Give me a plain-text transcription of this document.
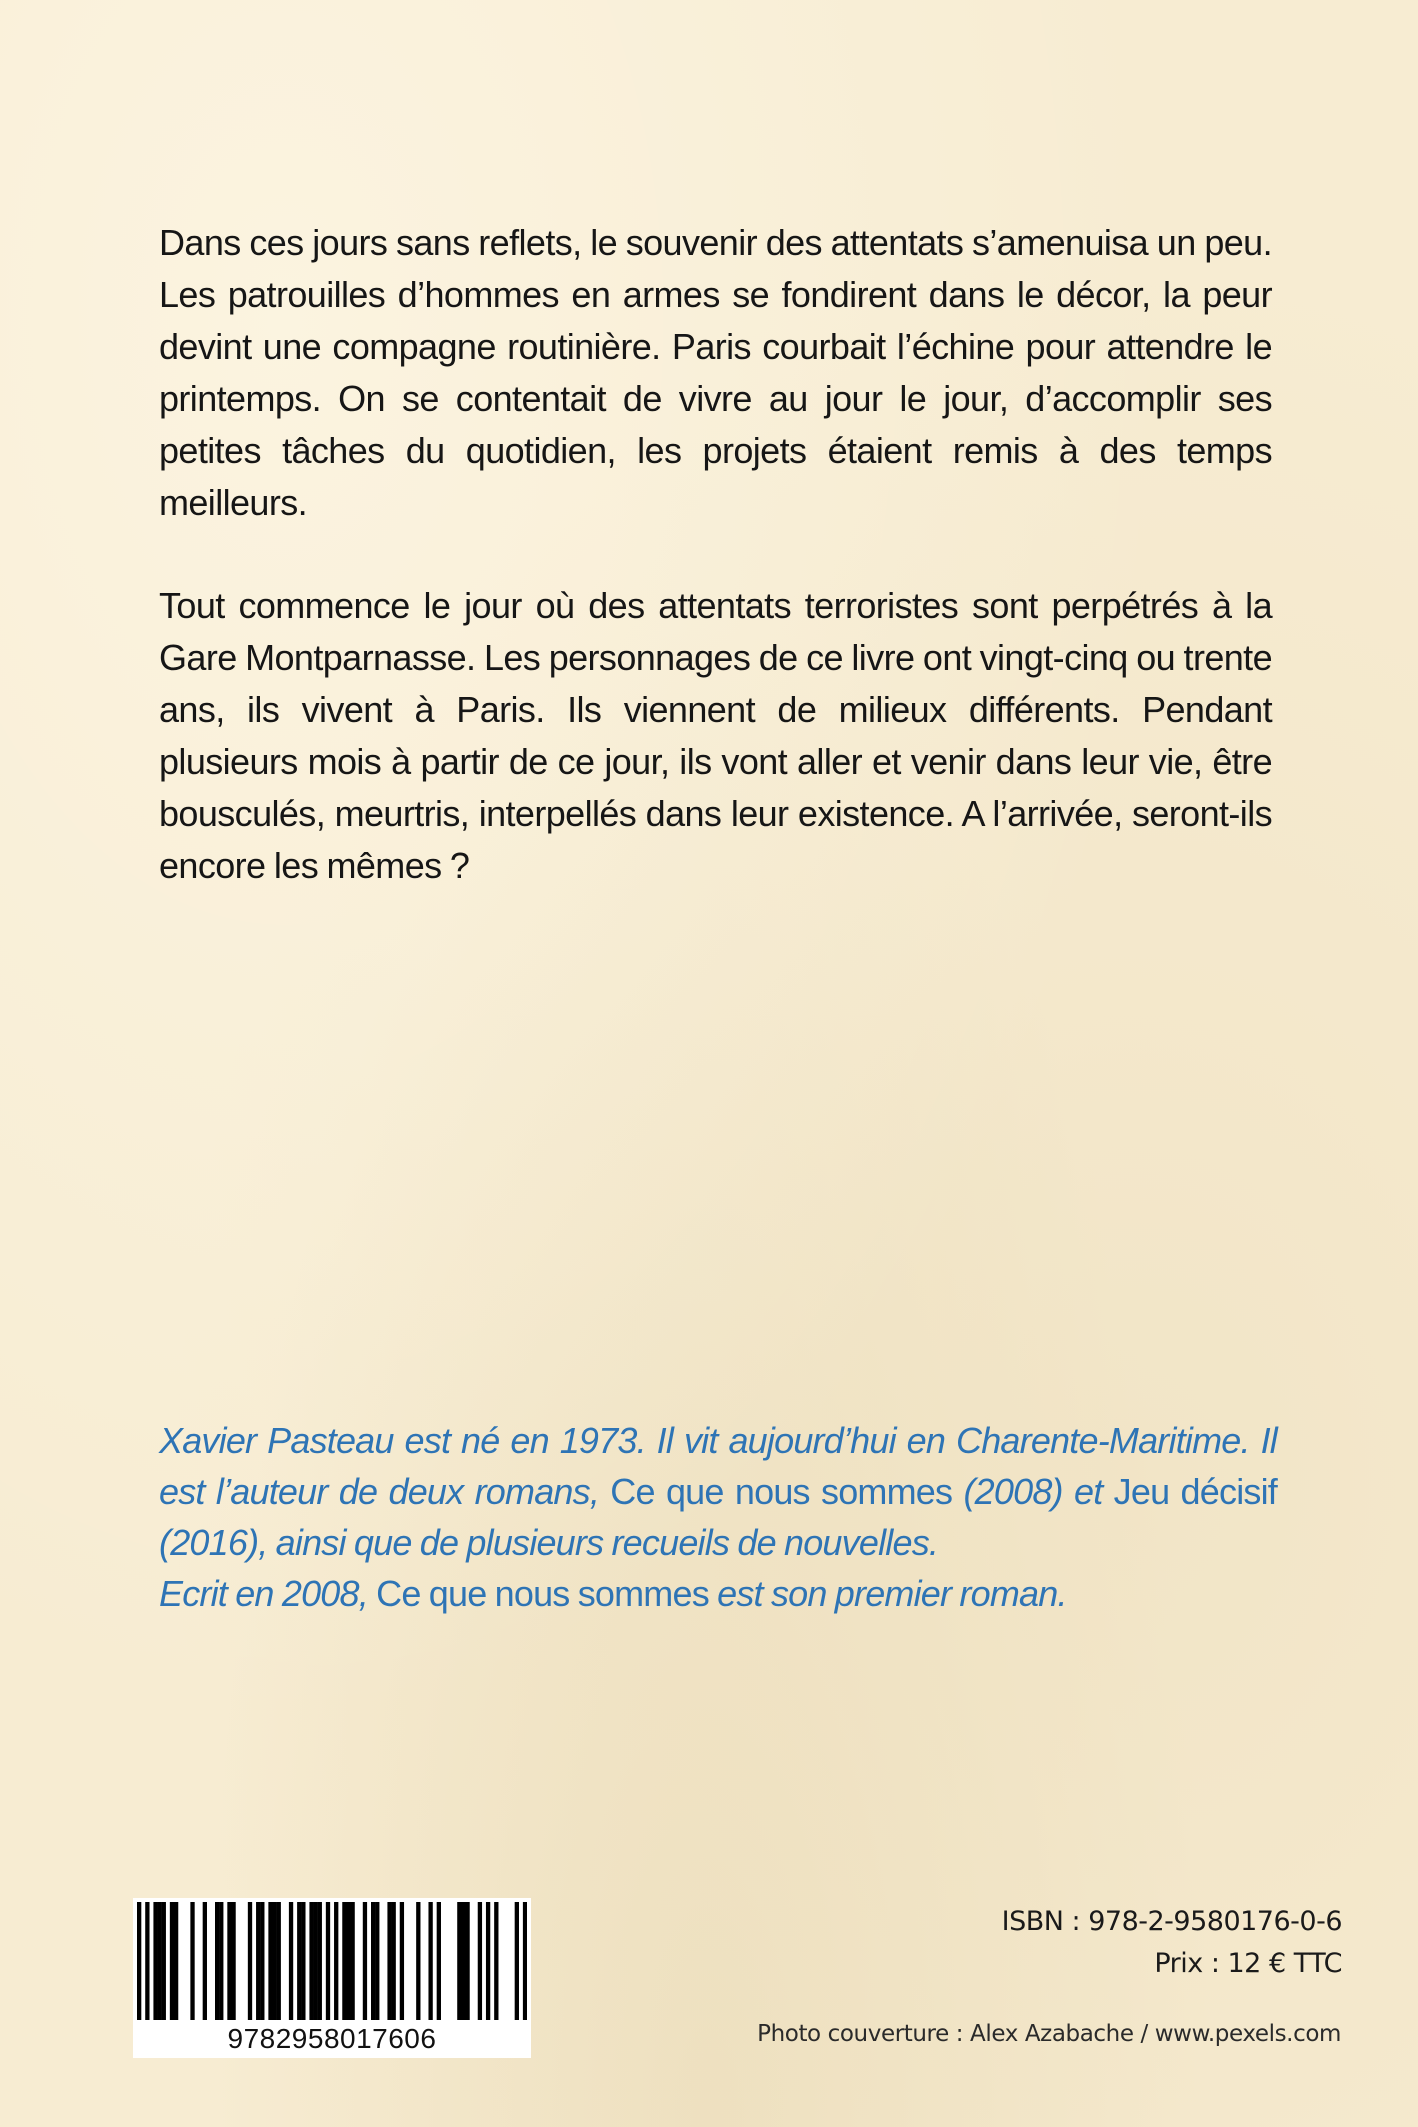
Dans ces jours sans reflets, le souvenir des attentats s’amenuisa un peu. Les patrouilles d’hommes en armes se fondirent dans le décor, la peur devint une compagne routinière. Paris courbait l’échine pour attendre le printemps. On se contentait de vivre au jour le jour, d’accomplir ses petites tâches du quotidien, les projets étaient remis à des temps meilleurs.

Tout commence le jour où des attentats terroristes sont perpétrés à la Gare Montparnasse. Les personnages de ce livre ont vingt-cinq ou trente ans, ils vivent à Paris. Ils viennent de milieux différents. Pendant plusieurs mois à partir de ce jour, ils vont aller et venir dans leur vie, être bousculés, meurtris, interpellés dans leur existence. A l’arrivée, seront-ils encore les mêmes ?

Xavier Pasteau est né en 1973. Il vit aujourd’hui en Charente-Maritime. Il est l’auteur de deux romans, Ce que nous sommes (2008) et Jeu décisif (2016), ainsi que de plusieurs recueils de nouvelles.
Ecrit en 2008, Ce que nous sommes est son premier roman.

9782958017606
ISBN : 978-2-9580176-0-6
Prix : 12 € TTC
Photo couverture : Alex Azabache / www.pexels.com
